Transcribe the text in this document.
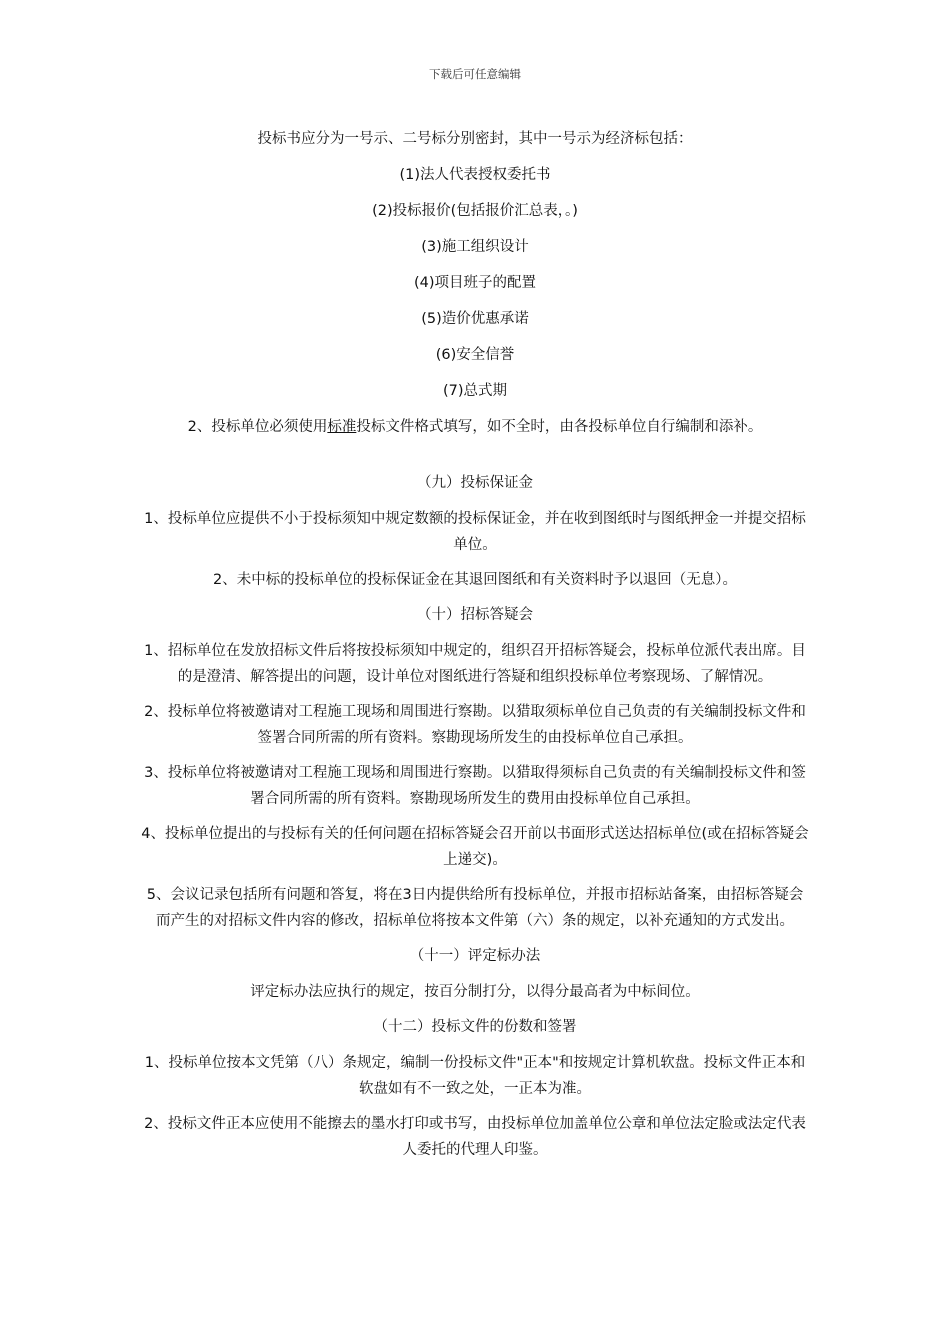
下载后可任意编辑

投标书应分为一号示、二号标分别密封，其中一号示为经济标包括：

(1)法人代表授权委托书

(2)投标报价(包括报价汇总表，。)

(3)施工组织设计

(4)项目班子的配置

(5)造价优惠承诺

(6)安全信誉

(7)总式期

2、投标单位必须使用标准投标文件格式填写，如不全时，由各投标单位自行编制和添补。

（九）投标保证金

1、投标单位应提供不小于投标须知中规定数额的投标保证金，并在收到图纸时与图纸押金一并提交招标单位。

2、未中标的投标单位的投标保证金在其退回图纸和有关资料时予以退回（无息）。

（十）招标答疑会

1、招标单位在发放招标文件后将按投标须知中规定的，组织召开招标答疑会，投标单位派代表出席。目的是澄清、解答提出的问题，设计单位对图纸进行答疑和组织投标单位考察现场、了解情况。

2、投标单位将被邀请对工程施工现场和周围进行察勘。以猎取须标单位自己负责的有关编制投标文件和签署合同所需的所有资料。察勘现场所发生的由投标单位自己承担。

3、投标单位将被邀请对工程施工现场和周围进行察勘。以猎取得须标自己负责的有关编制投标文件和签署合同所需的所有资料。察勘现场所发生的费用由投标单位自己承担。

4、投标单位提出的与投标有关的任何问题在招标答疑会召开前以书面形式送达招标单位(或在招标答疑会上递交)。

5、会议记录包括所有问题和答复，将在3日内提供给所有投标单位，并报市招标站备案，由招标答疑会而产生的对招标文件内容的修改，招标单位将按本文件第（六）条的规定，以补充通知的方式发出。

（十一）评定标办法

评定标办法应执行的规定，按百分制打分，以得分最高者为中标间位。

（十二）投标文件的份数和签署

1、投标单位按本文凭第（八）条规定，编制一份投标文件"正本"和按规定计算机软盘。投标文件正本和软盘如有不一致之处，一正本为准。

2、投标文件正本应使用不能擦去的墨水打印或书写，由投标单位加盖单位公章和单位法定脸或法定代表人委托的代理人印鉴。
